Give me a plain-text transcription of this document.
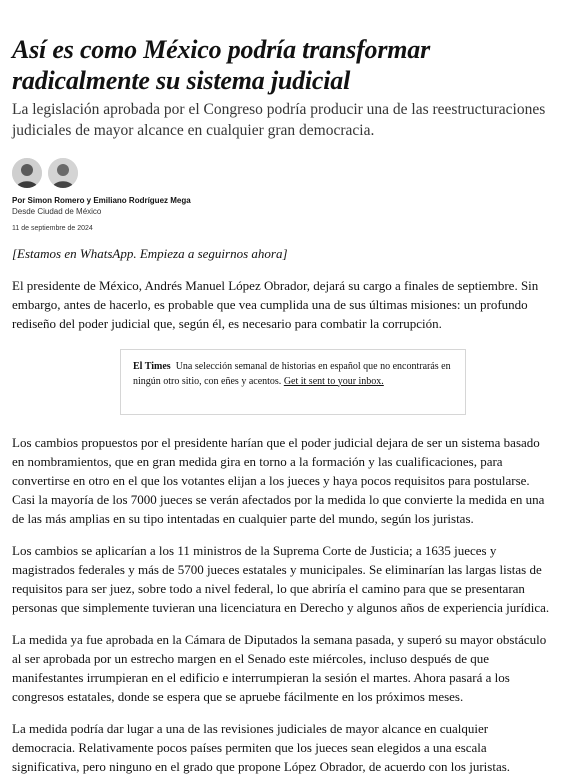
Así es como México podría transformar radicalmente su sistema judicial
La legislación aprobada por el Congreso podría producir una de las reestructuraciones judiciales de mayor alcance en cualquier gran democracia.
Por Simon Romero y Emiliano Rodríguez Mega
Desde Ciudad de México
11 de septiembre de 2024
[Estamos en WhatsApp. Empieza a seguirnos ahora]

El presidente de México, Andrés Manuel López Obrador, dejará su cargo a finales de septiembre. Sin embargo, antes de hacerlo, es probable que vea cumplida una de sus últimas misiones: un profundo rediseño del poder judicial que, según él, es necesario para combatir la corrupción.

El Times Una selección semanal de historias en español que no encontrarás en ningún otro sitio, con eñes y acentos. Get it sent to your inbox.

Los cambios propuestos por el presidente harían que el poder judicial dejara de ser un sistema basado en nombramientos, que en gran medida gira en torno a la formación y las cualificaciones, para convertirse en otro en el que los votantes elijan a los jueces y haya pocos requisitos para postularse. Casi la mayoría de los 7000 jueces se verán afectados por la medida lo que convierte la medida en una de las más amplias en su tipo intentadas en cualquier parte del mundo, según los juristas.

Los cambios se aplicarían a los 11 ministros de la Suprema Corte de Justicia; a 1635 jueces y magistrados federales y más de 5700 jueces estatales y municipales. Se eliminarían las largas listas de requisitos para ser juez, sobre todo a nivel federal, lo que abriría el camino para que se presentaran personas que simplemente tuvieran una licenciatura en Derecho y algunos años de experiencia jurídica.

La medida ya fue aprobada en la Cámara de Diputados la semana pasada, y superó su mayor obstáculo al ser aprobada por un estrecho margen en el Senado este miércoles, incluso después de que manifestantes irrumpieran en el edificio e interrumpieran la sesión el martes. Ahora pasará a los congresos estatales, donde se espera que se apruebe fácilmente en los próximos meses.

La medida podría dar lugar a una de las revisiones judiciales de mayor alcance en cualquier democracia. Relativamente pocos países permiten que los jueces sean elegidos a una escala significativa, pero ninguno en el grado que propone López Obrador, de acuerdo con los juristas.
